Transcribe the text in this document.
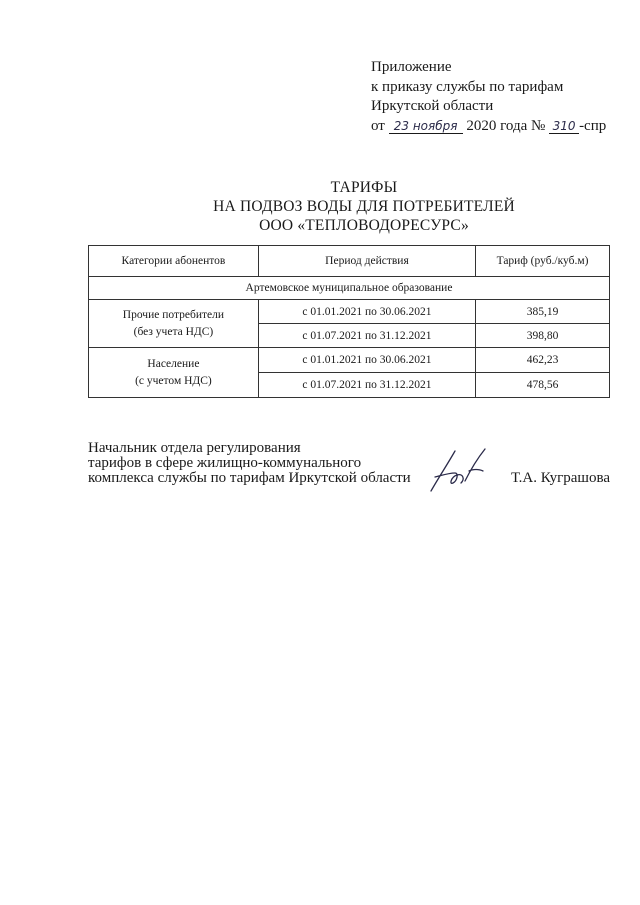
Приложение
к приказу службы по тарифам
Иркутской области
от 23 ноября 2020 года № 310 -спр
ТАРИФЫ
НА ПОДВОЗ ВОДЫ ДЛЯ ПОТРЕБИТЕЛЕЙ
ООО «ТЕПЛОВОДОРЕСУРС»
Категории абонентов	Период действия	Тариф (руб./куб.м)
Артемовское муниципальное образование		

Прочие потребители
(без учета НДС)	с 01.01.2021 по 30.06.2021	385,19
	с 01.07.2021 по 31.12.2021	398,80

Население
(с учетом НДС)	с 01.01.2021 по 30.06.2021	462,23
	с 01.07.2021 по 31.12.2021	478,56
Начальник отдела регулирования
тарифов в сфере жилищно-коммунального
комплекса службы по тарифам Иркутской области	Т.А. Куграшова
